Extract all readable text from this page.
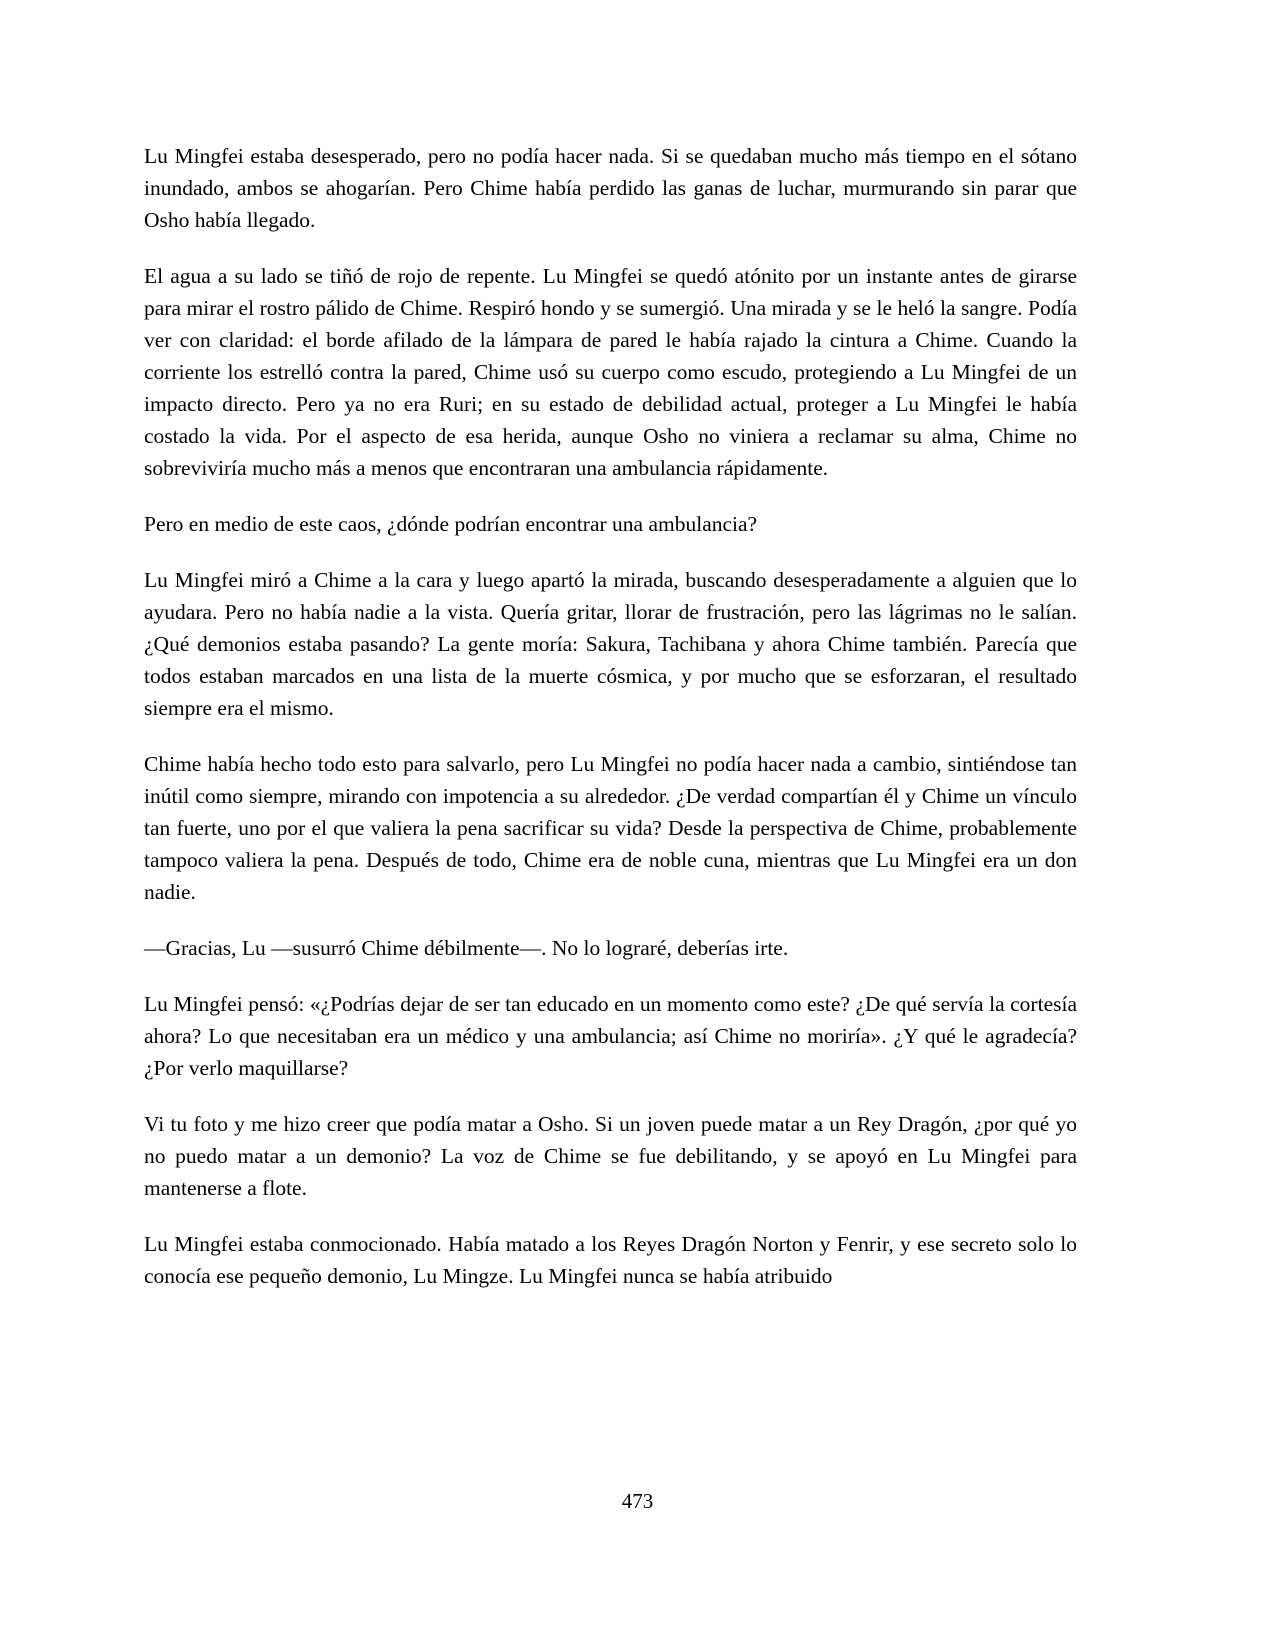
Lu Mingfei estaba desesperado, pero no podía hacer nada. Si se quedaban mucho más tiempo en el sótano inundado, ambos se ahogarían. Pero Chime había perdido las ganas de luchar, murmurando sin parar que Osho había llegado.

El agua a su lado se tiñó de rojo de repente. Lu Mingfei se quedó atónito por un instante antes de girarse para mirar el rostro pálido de Chime. Respiró hondo y se sumergió. Una mirada y se le heló la sangre. Podía ver con claridad: el borde afilado de la lámpara de pared le había rajado la cintura a Chime. Cuando la corriente los estrelló contra la pared, Chime usó su cuerpo como escudo, protegiendo a Lu Mingfei de un impacto directo. Pero ya no era Ruri; en su estado de debilidad actual, proteger a Lu Mingfei le había costado la vida. Por el aspecto de esa herida, aunque Osho no viniera a reclamar su alma, Chime no sobreviviría mucho más a menos que encontraran una ambulancia rápidamente.

Pero en medio de este caos, ¿dónde podrían encontrar una ambulancia?

Lu Mingfei miró a Chime a la cara y luego apartó la mirada, buscando desesperadamente a alguien que lo ayudara. Pero no había nadie a la vista. Quería gritar, llorar de frustración, pero las lágrimas no le salían. ¿Qué demonios estaba pasando? La gente moría: Sakura, Tachibana y ahora Chime también. Parecía que todos estaban marcados en una lista de la muerte cósmica, y por mucho que se esforzaran, el resultado siempre era el mismo.

Chime había hecho todo esto para salvarlo, pero Lu Mingfei no podía hacer nada a cambio, sintiéndose tan inútil como siempre, mirando con impotencia a su alrededor. ¿De verdad compartían él y Chime un vínculo tan fuerte, uno por el que valiera la pena sacrificar su vida? Desde la perspectiva de Chime, probablemente tampoco valiera la pena. Después de todo, Chime era de noble cuna, mientras que Lu Mingfei era un don nadie.

—Gracias, Lu —susurró Chime débilmente—. No lo lograré, deberías irte.

Lu Mingfei pensó: «¿Podrías dejar de ser tan educado en un momento como este? ¿De qué servía la cortesía ahora? Lo que necesitaban era un médico y una ambulancia; así Chime no moriría». ¿Y qué le agradecía? ¿Por verlo maquillarse?

Vi tu foto y me hizo creer que podía matar a Osho. Si un joven puede matar a un Rey Dragón, ¿por qué yo no puedo matar a un demonio? La voz de Chime se fue debilitando, y se apoyó en Lu Mingfei para mantenerse a flote.

Lu Mingfei estaba conmocionado. Había matado a los Reyes Dragón Norton y Fenrir, y ese secreto solo lo conocía ese pequeño demonio, Lu Mingze. Lu Mingfei nunca se había atribuido

473
